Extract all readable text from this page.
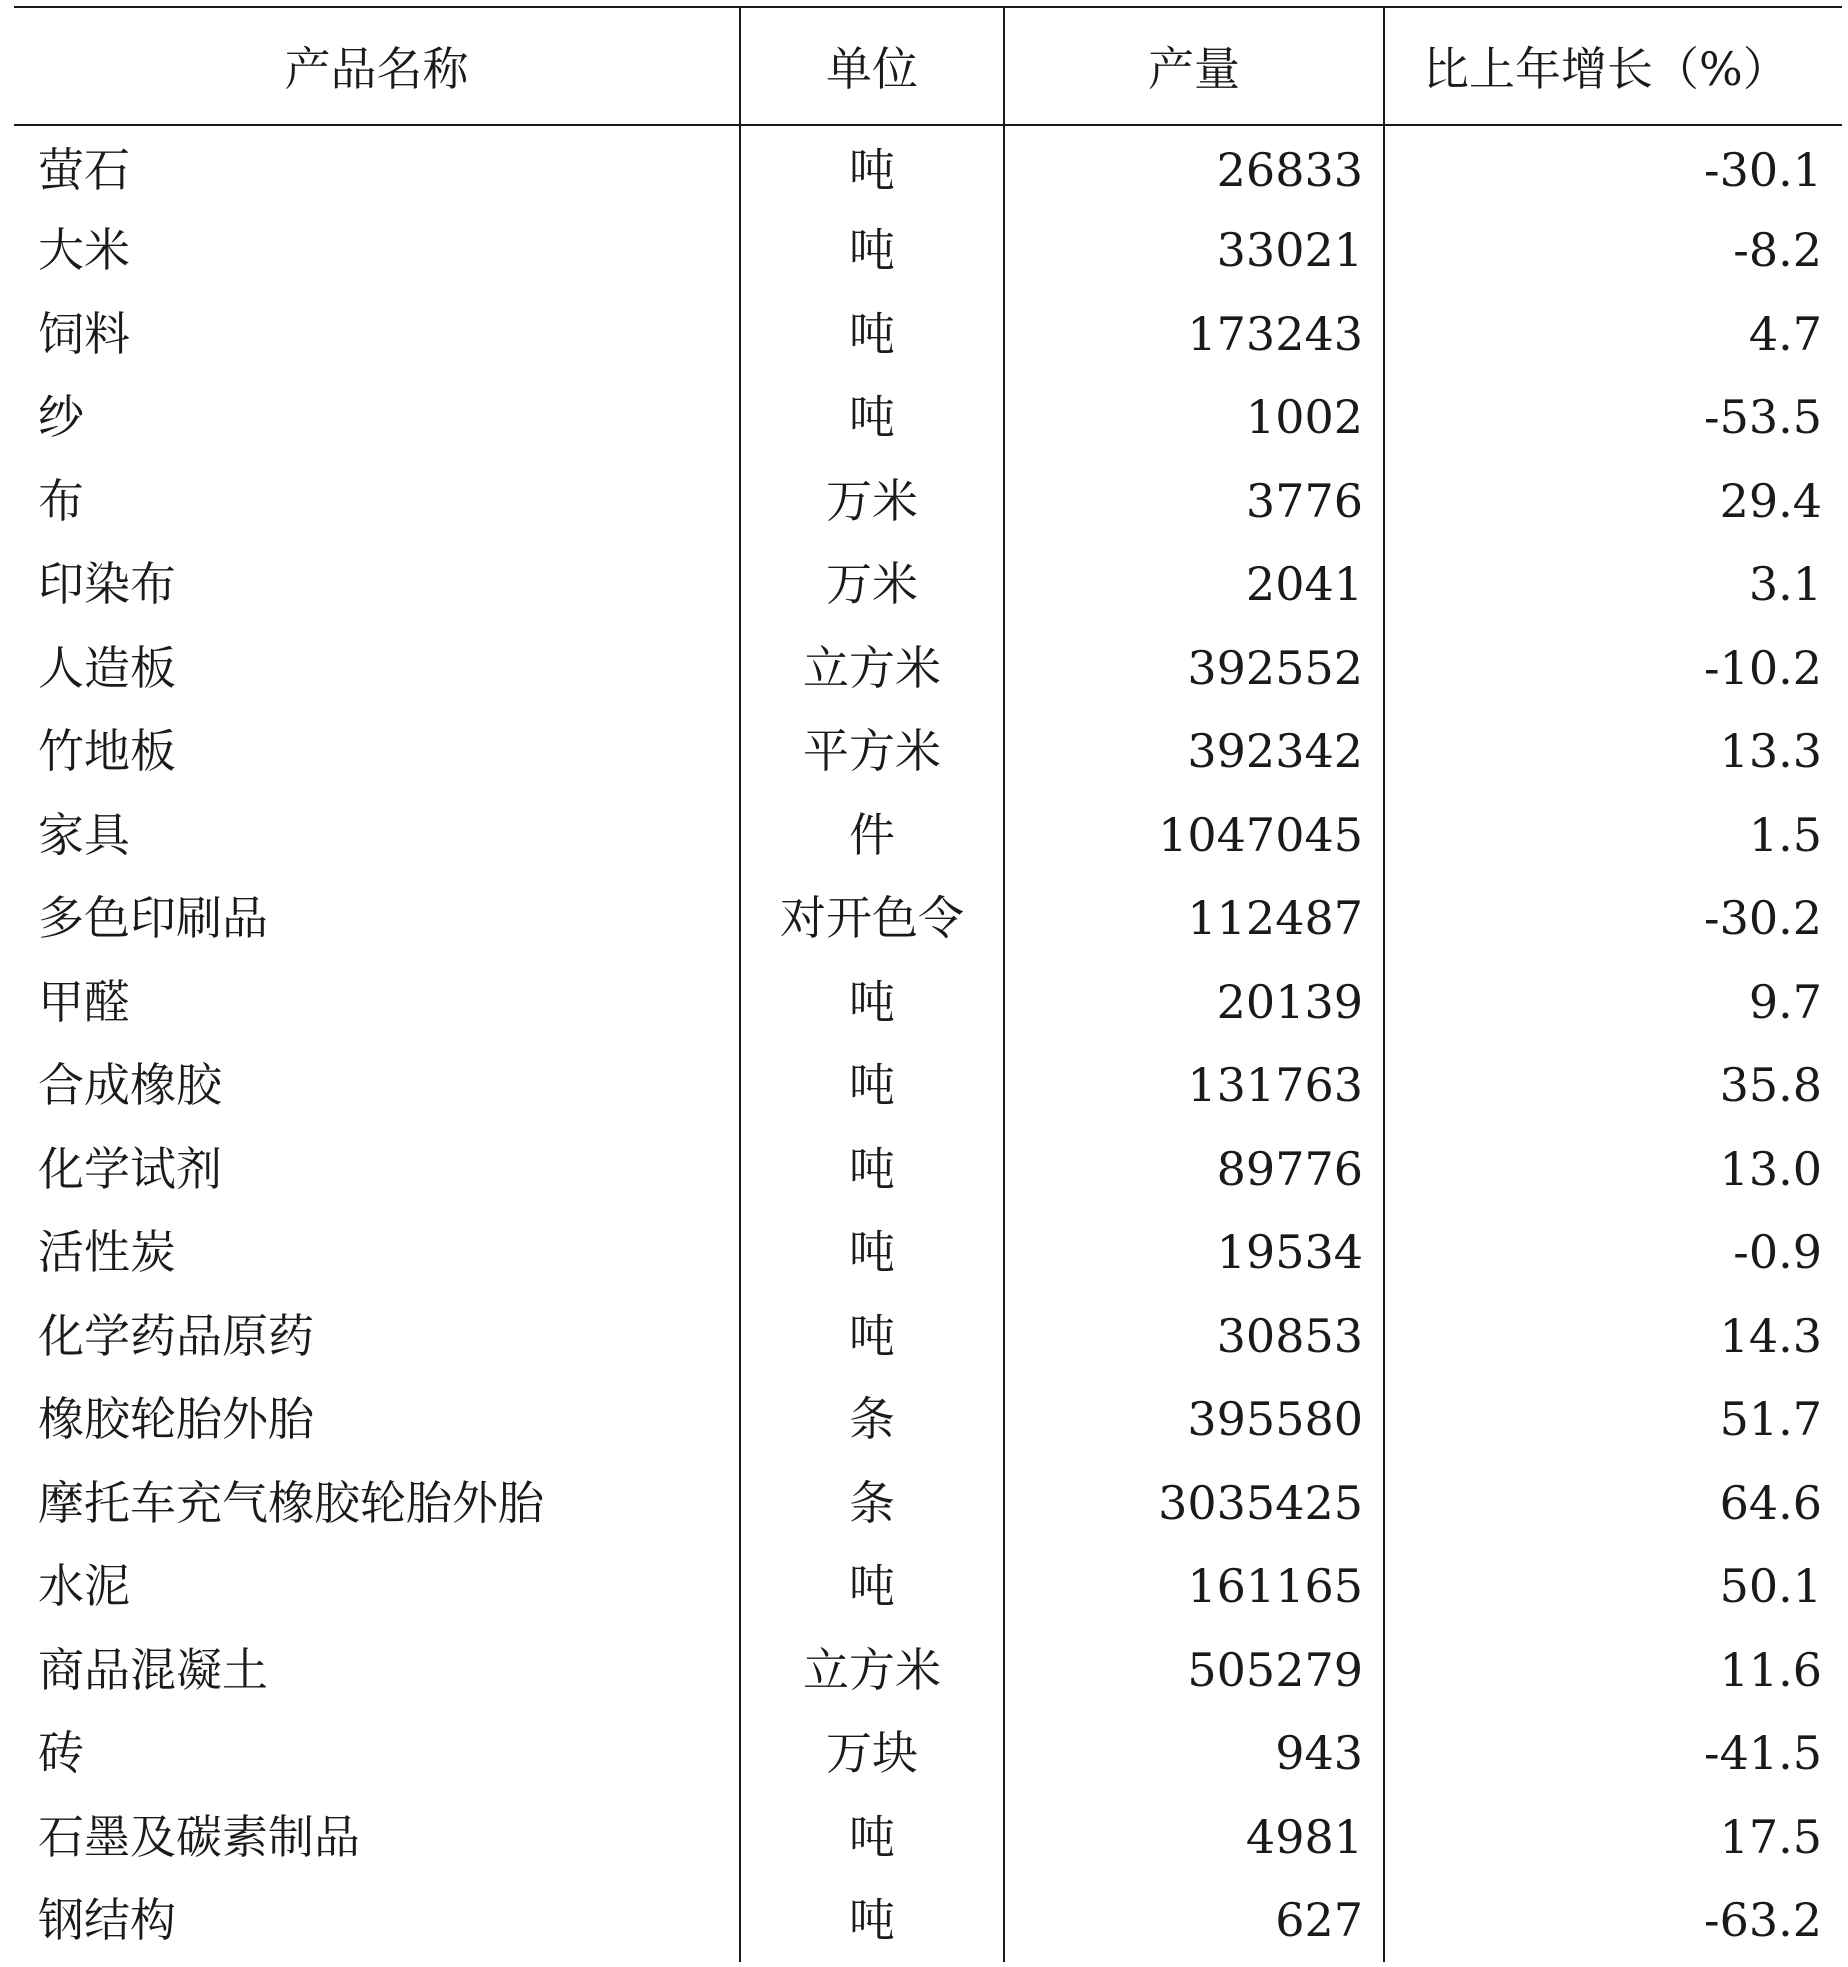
产品名称	单位	产量	比上年增长（%）
萤石	吨	26833	-30.1
大米	吨	33021	-8.2
饲料	吨	173243	4.7
纱	吨	1002	-53.5
布	万米	3776	29.4
印染布	万米	2041	3.1
人造板	立方米	392552	-10.2
竹地板	平方米	392342	13.3
家具	件	1047045	1.5
多色印刷品	对开色令	112487	-30.2
甲醛	吨	20139	9.7
合成橡胶	吨	131763	35.8
化学试剂	吨	89776	13.0
活性炭	吨	19534	-0.9
化学药品原药	吨	30853	14.3
橡胶轮胎外胎	条	395580	51.7
摩托车充气橡胶轮胎外胎	条	3035425	64.6
水泥	吨	161165	50.1
商品混凝土	立方米	505279	11.6
砖	万块	943	-41.5
石墨及碳素制品	吨	4981	17.5
钢结构	吨	627	-63.2
